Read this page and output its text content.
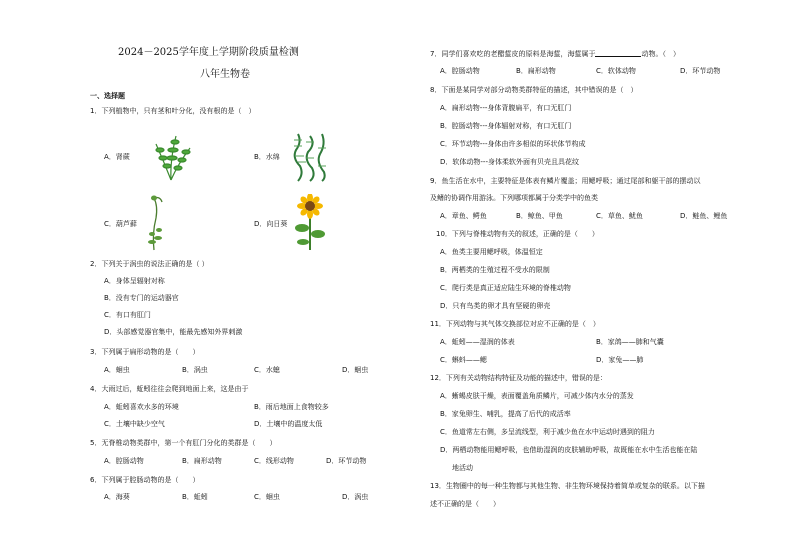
2024－2025学年度上学期阶段质量检测
八年生物卷
一、选择题
1．下列植物中，只有茎和叶分化，没有根的是（　）
A．肾蕨	B．水绵
C．葫芦藓	D．向日葵
2．下列关于涡虫的说法正确的是（ ）
A．身体呈辐射对称
B．没有专门的运动器官
C．有口有肛门
D．头部感觉器官集中，能最先感知外界刺激
3．下列属于扁形动物的是（　　）
A．蛔虫	B．涡虫	C．水螅	D．蛔虫
4．大雨过后，蚯蚓往往会爬到地面上来，这是由于
A．蚯蚓喜欢水多的环境	B．雨后地面上食物较多
C．土壤中缺少空气	D．土壤中的温度太低
5．无脊椎动物类群中，第一个有肛门分化的类群是（　　）
A．腔肠动物	B．扁形动物	C．线形动物	D．环节动物
6．下列属于腔肠动物的是（　　）
A．海葵	B．蚯蚓	C．蛔虫	D．涡虫
7．同学们喜欢吃的老醋蜇皮的原料是海蜇，海蜇属于	动物。（　）
A．腔肠动物	B．扁形动物	C．软体动物	D．环节动物
8．下面是某同学对部分动物类群特征的描述，其中错误的是（　）
A．扁形动物---身体背腹扁平，有口无肛门
B．腔肠动物---身体辐射对称，有口无肛门
C．环节动物---身体由许多相似的环状体节构成
D．软体动物---身体柔软外面有贝壳且具花纹
9．鱼生活在水中，主要特征是体表有鳞片覆盖；用鳃呼吸；通过尾部和躯干部的摆动以
及鳍的协调作用游泳。下列哪项都属于分类学中的鱼类
A．章鱼、鳄鱼	B．鲸鱼、甲鱼	C．草鱼、鱿鱼	D．鲢鱼、鲤鱼
10．下列与脊椎动物有关的叙述，正确的是（　　）
A．鱼类主要用鳃呼吸，体温恒定
B．两栖类的生殖过程不受水的限制
C．爬行类是真正适应陆生环境的脊椎动物
D．只有鸟类的卵才具有坚硬的卵壳
11．下列动物与其气体交换部位对应不正确的是（　）
A．蚯蚓——湿润的体表	B．家鸽——肺和气囊
C．蝌蚪——鳃	D．家兔——肺
12．下列有关动物结构特征及功能的描述中，错误的是：
A．蜥蜴皮肤干燥，表面覆盖角质鳞片，可减少体内水分的蒸发
B．家兔卵生、哺乳，提高了后代的成活率
C．鱼道常左右侧，多呈流线型，利于减少鱼在水中运动时遇到的阻力
D．两栖动物能用鳃呼吸，也借助湿润的皮肤辅助呼吸，故既能在水中生活也能在陆
地活动
13．生物圈中的每一种生物都与其他生物、非生物环境保持着简单或复杂的联系。以下描
述不正确的是（　　）
